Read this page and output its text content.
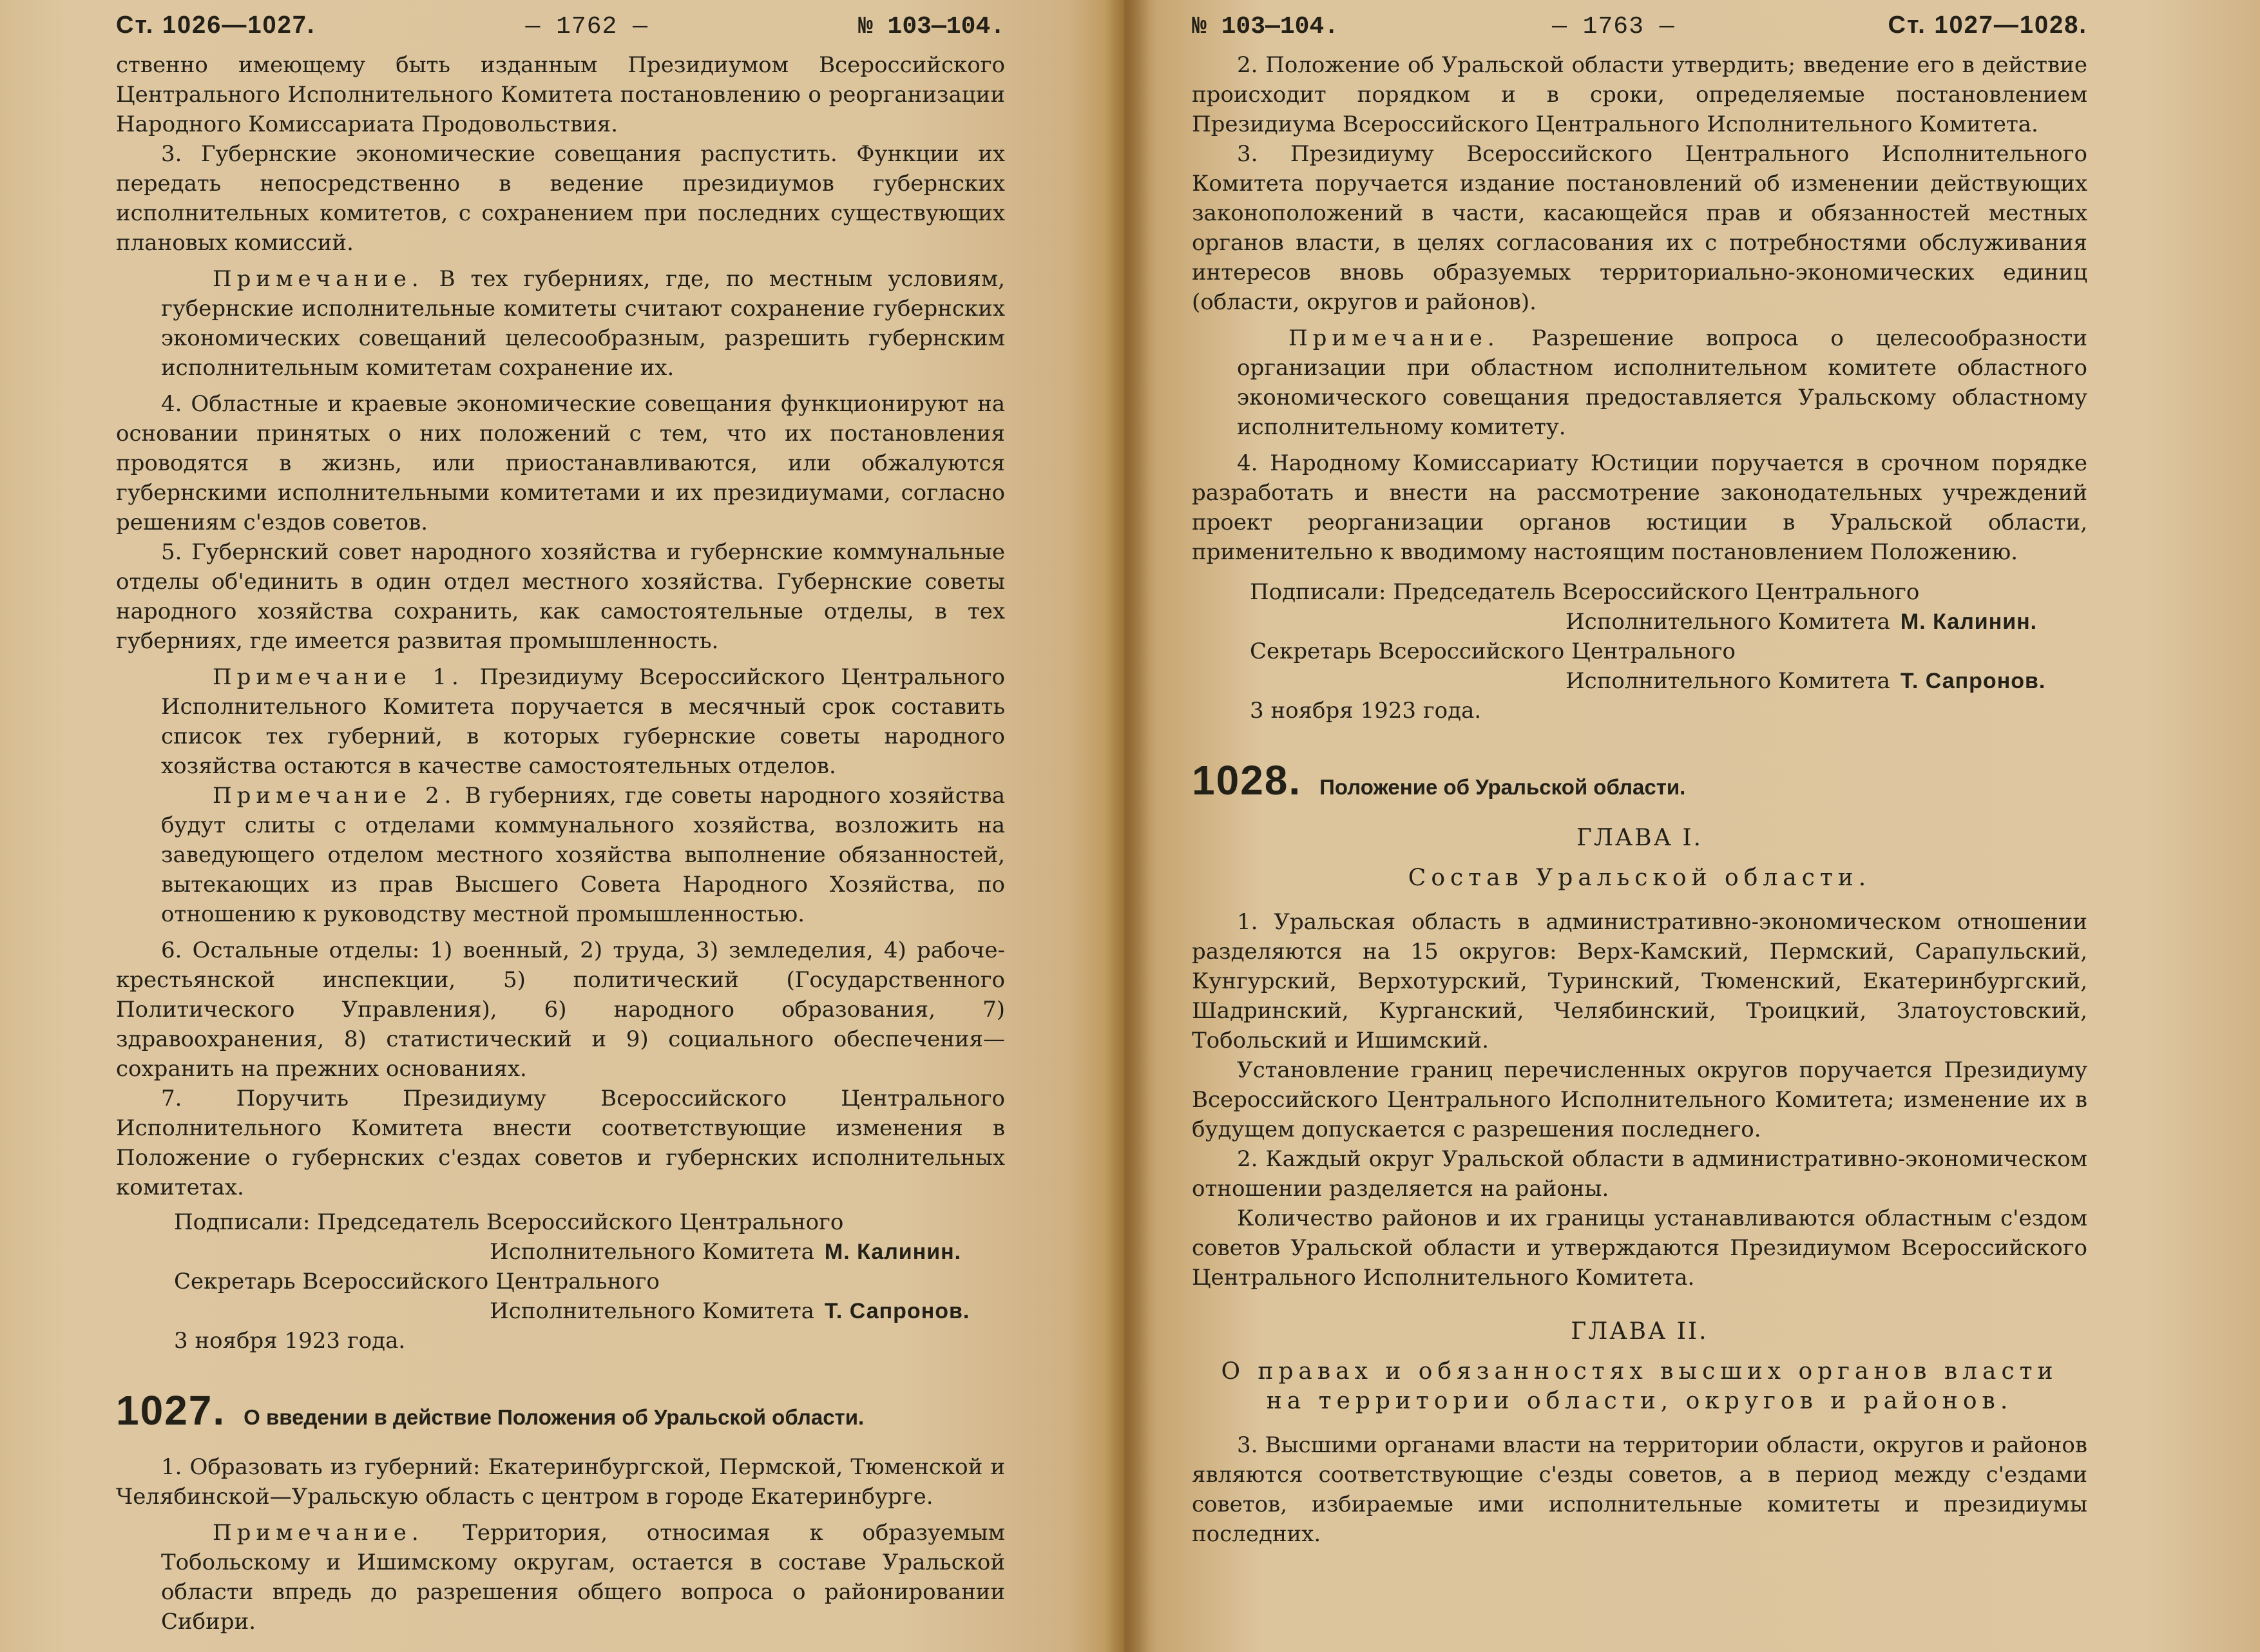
Ст. 1026—1027.	— 1762 —	№ 103—104.

ственно имеющему быть изданным Президиумом Всероссийского Центрального Исполнительного Комитета постановлению о реорганизации Народного Комиссариата Продовольствия.

3. Губернские экономические совещания распустить. Функции их передать непосредственно в ведение президиумов губернских исполнительных комитетов, с сохранением при последних существующих плановых комиссий.

Примечание. В тех губерниях, где, по местным условиям, губернские исполнительные комитеты считают сохранение губернских экономических совещаний целесообразным, разрешить губернским исполнительным комитетам сохранение их.

4. Областные и краевые экономические совещания функционируют на основании принятых о них положений с тем, что их постановления проводятся в жизнь, или приостанавливаются, или обжалуются губернскими исполнительными комитетами и их президиумами, согласно решениям с'ездов советов.

5. Губернский совет народного хозяйства и губернские коммунальные отделы об'единить в один отдел местного хозяйства. Губернские советы народного хозяйства сохранить, как самостоятельные отделы, в тех губерниях, где имеется развитая промышленность.

Примечание 1. Президиуму Всероссийского Центрального Исполнительного Комитета поручается в месячный срок составить список тех губерний, в которых губернские советы народного хозяйства остаются в качестве самостоятельных отделов.

Примечание 2. В губерниях, где советы народного хозяйства будут слиты с отделами коммунального хозяйства, возложить на заведующего отделом местного хозяйства выполнение обязанностей, вытекающих из прав Высшего Совета Народного Хозяйства, по отношению к руководству местной промышленностью.

6. Остальные отделы: 1) военный, 2) труда, 3) земледелия, 4) рабоче-крестьянской инспекции, 5) политический (Государственного Политического Управления), 6) народного образования, 7) здравоохранения, 8) статистический и 9) социального обеспечения—сохранить на прежних основаниях.

7. Поручить Президиуму Всероссийского Центрального Исполнительного Комитета внести соответствующие изменения в Положение о губернских с'ездах советов и губернских исполнительных комитетах.

Подписали: Председатель Всероссийского Центрального
Исполнительного Комитета М. Калинин.
Секретарь Всероссийского Центрального
Исполнительного Комитета Т. Сапронов.
3 ноября 1923 года.
1027. О введении в действие Положения об Уральской области.

1. Образовать из губерний: Екатеринбургской, Пермской, Тюменской и Челябинской—Уральскую область с центром в городе Екатеринбурге.

Примечание. Территория, относимая к образуемым Тобольскому и Ишимскому округам, остается в составе Уральской области впредь до разрешения общего вопроса о районировании Сибири.

№ 103—104.	— 1763 —	Ст. 1027—1028.

2. Положение об Уральской области утвердить; введение его в действие происходит порядком и в сроки, определяемые постановлением Президиума Всероссийского Центрального Исполнительного Комитета.

3. Президиуму Всероссийского Центрального Исполнительного Комитета поручается издание постановлений об изменении действующих законоположений в части, касающейся прав и обязанностей местных органов власти, в целях согласования их с потребностями обслуживания интересов вновь образуемых территориально-экономических единиц (области, округов и районов).

Примечание. Разрешение вопроса о целесообразности организации при областном исполнительном комитете областного экономического совещания предоставляется Уральскому областному исполнительному комитету.

4. Народному Комиссариату Юстиции поручается в срочном порядке разработать и внести на рассмотрение законодательных учреждений проект реорганизации органов юстиции в Уральской области, применительно к вводимому настоящим постановлением Положению.

Подписали: Председатель Всероссийского Центрального
Исполнительного Комитета М. Калинин.
Секретарь Всероссийского Центрального
Исполнительного Комитета Т. Сапронов.
3 ноября 1923 года.
1028. Положение об Уральской области.
ГЛАВА I.
Состав Уральской области.

1. Уральская область в административно-экономическом отношении разделяются на 15 округов: Верх-Камский, Пермский, Сарапульский, Кунгурский, Верхотурский, Туринский, Тюменский, Екатеринбургский, Шадринский, Курганский, Челябинский, Троицкий, Златоустовский, Тобольский и Ишимский.

Установление границ перечисленных округов поручается Президиуму Всероссийского Центрального Исполнительного Комитета; изменение их в будущем допускается с разрешения последнего.

2. Каждый округ Уральской области в административно-экономическом отношении разделяется на районы.

Количество районов и их границы устанавливаются областным с'ездом советов Уральской области и утверждаются Президиумом Всероссийского Центрального Исполнительного Комитета.

ГЛАВА II.
О правах и обязанностях высших органов власти
на территории области, округов и районов.

3. Высшими органами власти на территории области, округов и районов являются соответствующие с'езды советов, а в период между с'ездами советов, избираемые ими исполнительные комитеты и президиумы последних.
